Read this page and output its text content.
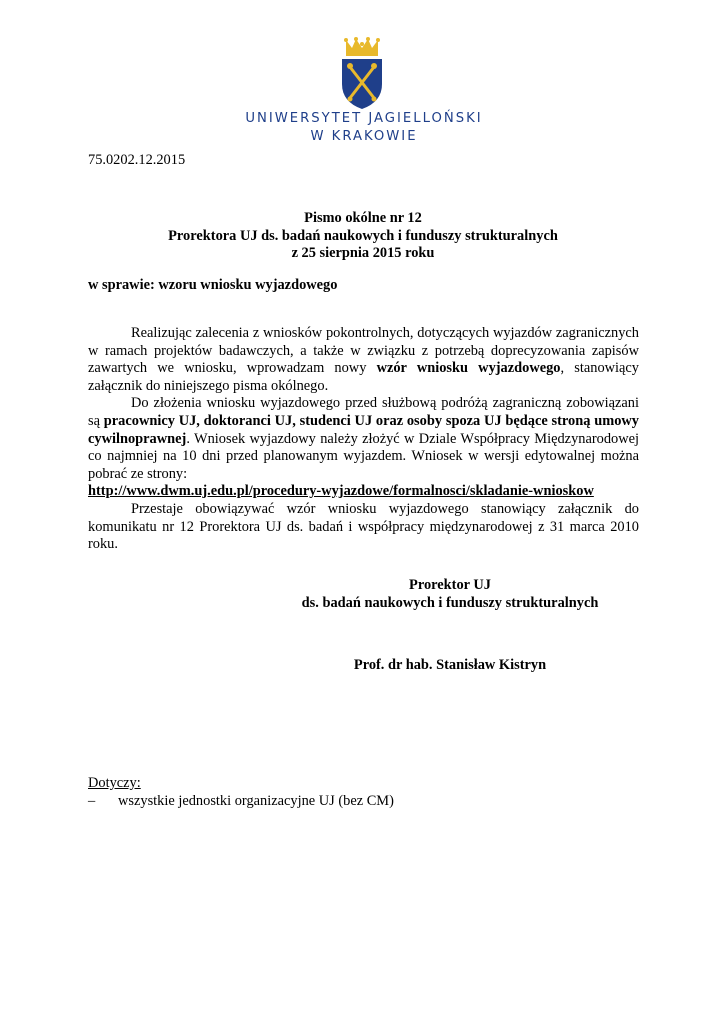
UNIWERSYTET JAGIELLOŃSKI
W KRAKOWIE
75.0202.12.2015
Pismo okólne nr 12
Prorektora UJ ds. badań naukowych i funduszy strukturalnych
z 25 sierpnia 2015 roku
w sprawie: wzoru wniosku wyjazdowego

Realizując zalecenia z wniosków pokontrolnych, dotyczących wyjazdów zagranicznych w ramach projektów badawczych, a także w związku z potrzebą doprecyzowania zapisów zawartych we wniosku, wprowadzam nowy wzór wniosku wyjazdowego, stanowiący załącznik do niniejszego pisma okólnego.

Do złożenia wniosku wyjazdowego przed służbową podróżą zagraniczną zobowiązani są pracownicy UJ, doktoranci UJ, studenci UJ oraz osoby spoza UJ będące stroną umowy cywilnoprawnej. Wniosek wyjazdowy należy złożyć w Dziale Współpracy Międzynarodowej co najmniej na 10 dni przed planowanym wyjazdem. Wniosek w wersji edytowalnej można pobrać ze strony:

http://www.dwm.uj.edu.pl/procedury-wyjazdowe/formalnosci/skladanie-wnioskow

Przestaje obowiązywać wzór wniosku wyjazdowego stanowiący załącznik do komunikatu nr 12 Prorektora UJ ds. badań i współpracy międzynarodowej z 31 marca 2010 roku.

Prorektor UJ
ds. badań naukowych i funduszy strukturalnych
Prof. dr hab. Stanisław Kistryn
Dotyczy:
– wszystkie jednostki organizacyjne UJ (bez CM)
